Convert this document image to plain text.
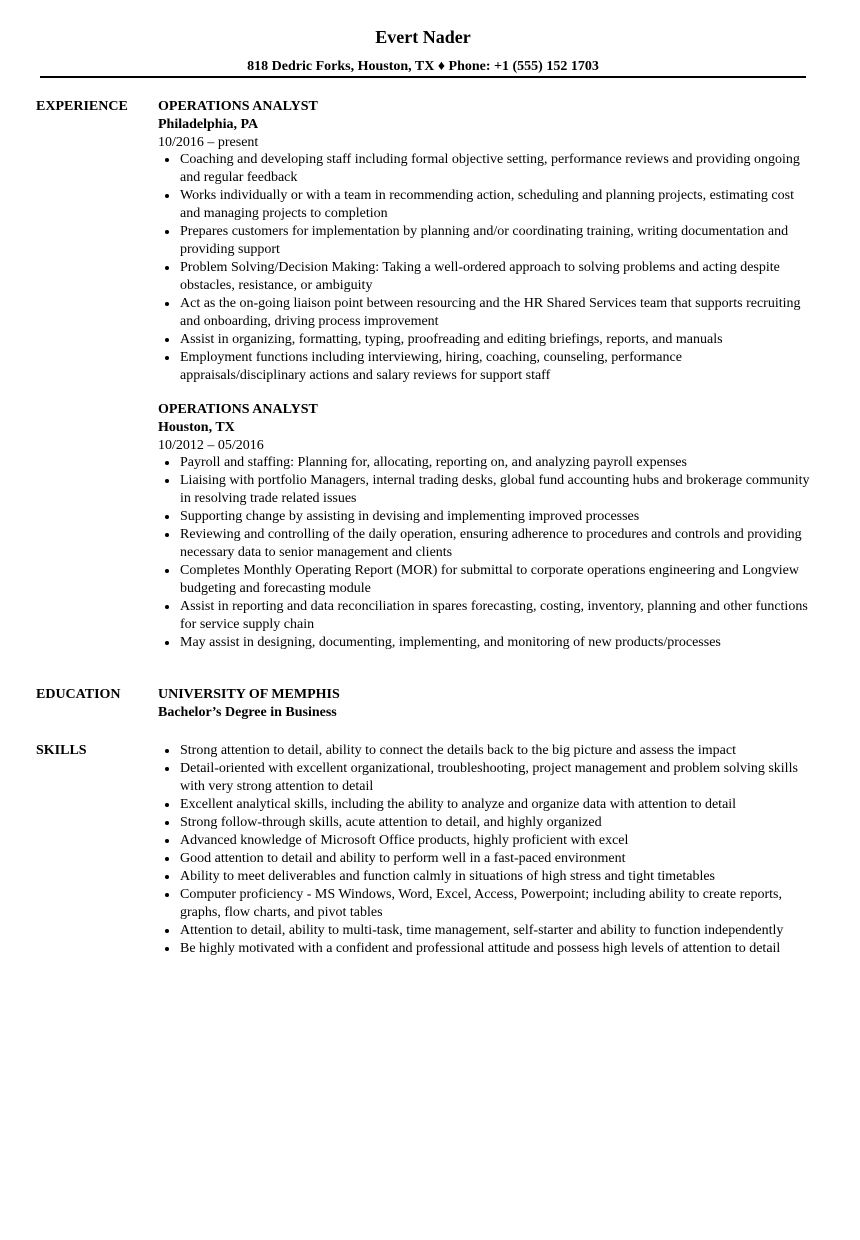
Evert Nader
818 Dedric Forks, Houston, TX ♦ Phone: +1 (555) 152 1703
EXPERIENCE	OPERATIONS ANALYST
Philadelphia, PA
10/2016 – present
Coaching and developing staff including formal objective setting, performance reviews and providing ongoing and regular feedback
Works individually or with a team in recommending action, scheduling and planning projects, estimating cost and managing projects to completion
Prepares customers for implementation by planning and/or coordinating training, writing documentation and providing support
Problem Solving/Decision Making: Taking a well-ordered approach to solving problems and acting despite obstacles, resistance, or ambiguity
Act as the on-going liaison point between resourcing and the HR Shared Services team that supports recruiting and onboarding, driving process improvement
Assist in organizing, formatting, typing, proofreading and editing briefings, reports, and manuals
Employment functions including interviewing, hiring, coaching, counseling, performance appraisals/disciplinary actions and salary reviews for support staff
OPERATIONS ANALYST
Houston, TX
10/2012 – 05/2016
Payroll and staffing: Planning for, allocating, reporting on, and analyzing payroll expenses
Liaising with portfolio Managers, internal trading desks, global fund accounting hubs and brokerage community in resolving trade related issues
Supporting change by assisting in devising and implementing improved processes
Reviewing and controlling of the daily operation, ensuring adherence to procedures and controls and providing necessary data to senior management and clients
Completes Monthly Operating Report (MOR) for submittal to corporate operations engineering and Longview budgeting and forecasting module
Assist in reporting and data reconciliation in spares forecasting, costing, inventory, planning and other functions for service supply chain
May assist in designing, documenting, implementing, and monitoring of new products/processes
EDUCATION	UNIVERSITY OF MEMPHIS
Bachelor’s Degree in Business
SKILLS	Strong attention to detail, ability to connect the details back to the big picture and assess the impact
Detail-oriented with excellent organizational, troubleshooting, project management and problem solving skills with very strong attention to detail
Excellent analytical skills, including the ability to analyze and organize data with attention to detail
Strong follow-through skills, acute attention to detail, and highly organized
Advanced knowledge of Microsoft Office products, highly proficient with excel
Good attention to detail and ability to perform well in a fast-paced environment
Ability to meet deliverables and function calmly in situations of high stress and tight timetables
Computer proficiency - MS Windows, Word, Excel, Access, Powerpoint; including ability to create reports, graphs, flow charts, and pivot tables
Attention to detail, ability to multi-task, time management, self-starter and ability to function independently
Be highly motivated with a confident and professional attitude and possess high levels of attention to detail
